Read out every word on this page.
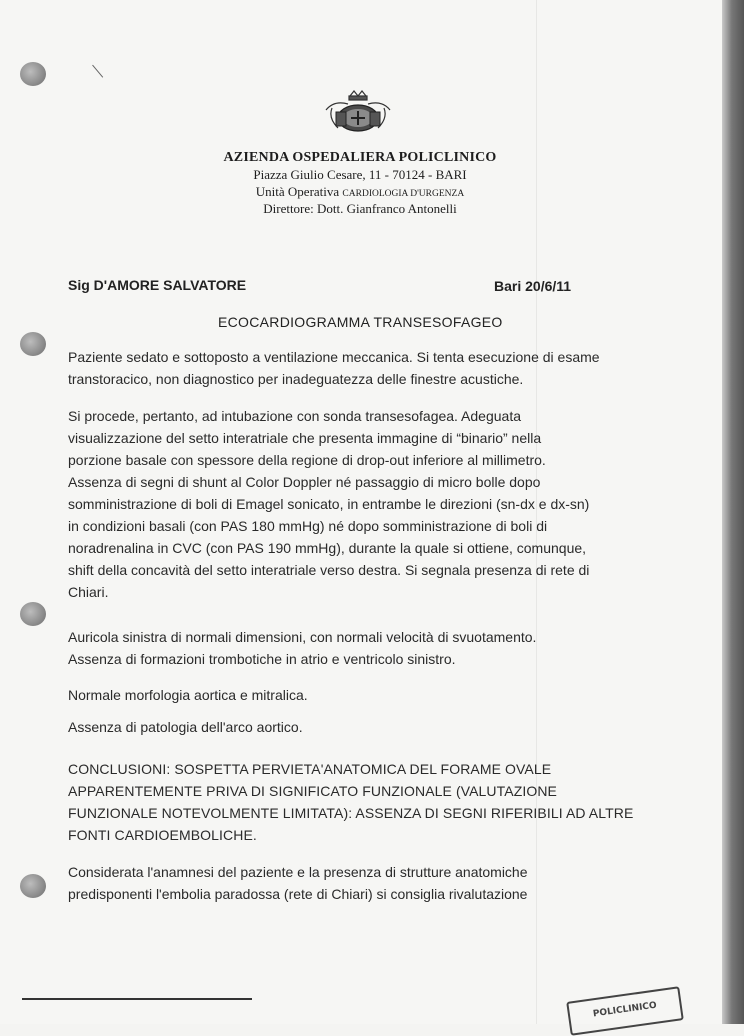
AZIENDA OSPEDALIERA POLICLINICO
Piazza Giulio Cesare, 11 - 70124 - BARI
Unità Operativa CARDIOLOGIA D'URGENZA
Direttore: Dott. Gianfranco Antonelli
Sig D'AMORE SALVATORE	Bari 20/6/11
ECOCARDIOGRAMMA TRANSESOFAGEO
Paziente sedato e sottoposto a ventilazione meccanica. Si tenta esecuzione di esame
transtoracico, non diagnostico per inadeguatezza delle finestre acustiche.
Si procede, pertanto, ad intubazione con sonda transesofagea. Adeguata
visualizzazione del setto interatriale che presenta immagine di “binario” nella
porzione basale con spessore della regione di drop-out inferiore al millimetro.
Assenza di segni di shunt al Color Doppler né passaggio di micro bolle dopo
somministrazione di boli di Emagel sonicato, in entrambe le direzioni (sn-dx e dx-sn)
in condizioni basali (con PAS 180 mmHg) né dopo somministrazione di boli di
noradrenalina in CVC (con PAS 190 mmHg), durante la quale si ottiene, comunque,
shift della concavità del setto interatriale verso destra. Si segnala presenza di rete di
Chiari.
Auricola sinistra di normali dimensioni, con normali velocità di svuotamento.
Assenza di formazioni trombotiche in atrio e ventricolo sinistro.
Normale morfologia aortica e mitralica.
Assenza di patologia dell'arco aortico.
CONCLUSIONI: SOSPETTA PERVIETA'ANATOMICA DEL FORAME OVALE
APPARENTEMENTE PRIVA DI SIGNIFICATO FUNZIONALE (VALUTAZIONE
FUNZIONALE NOTEVOLMENTE LIMITATA): ASSENZA DI SEGNI RIFERIBILI AD ALTRE
FONTI CARDIOEMBOLICHE.
Considerata l'anamnesi del paziente e la presenza di strutture anatomiche
predisponenti l'embolia paradossa (rete di Chiari) si consiglia rivalutazione
POLICLINICO
